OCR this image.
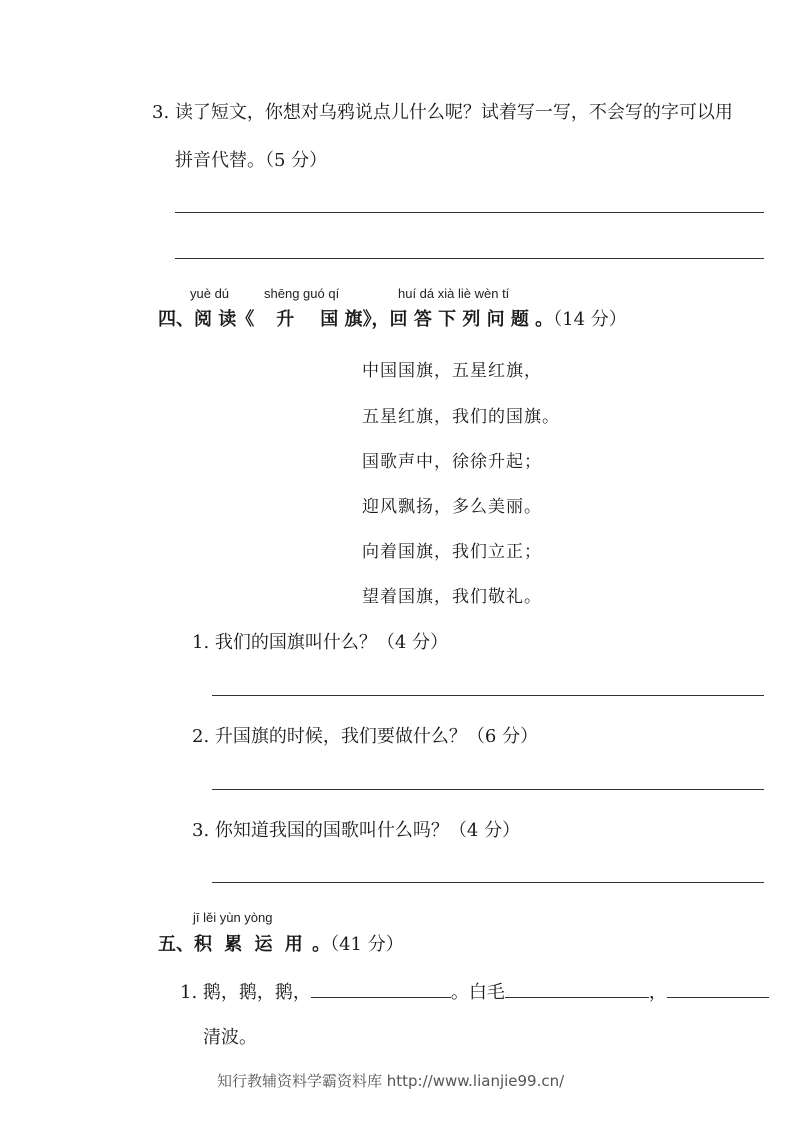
3. 读了短文，你想对乌鸦说点儿什么呢？试着写一写，不会写的字可以用
拼音代替。（5 分）
yuè dú	shēng guó qí	huí dá xià liè wèn tí
四、阅 读《 升 国 旗》，回 答 下 列 问 题 。（14 分）
中国国旗，五星红旗，
五星红旗，我们的国旗。
国歌声中，徐徐升起；
迎风飘扬，多么美丽。
向着国旗，我们立正；
望着国旗，我们敬礼。
1. 我们的国旗叫什么？（4 分）
2. 升国旗的时候，我们要做什么？（6 分）
3. 你知道我国的国歌叫什么吗？（4 分）
jī lěi yùn yòng
五、积 累 运 用 。（41 分）
1. 鹅，鹅，鹅，	。白毛	，
清波。
知行教辅资料学霸资料库 http://www.lianjie99.cn/
